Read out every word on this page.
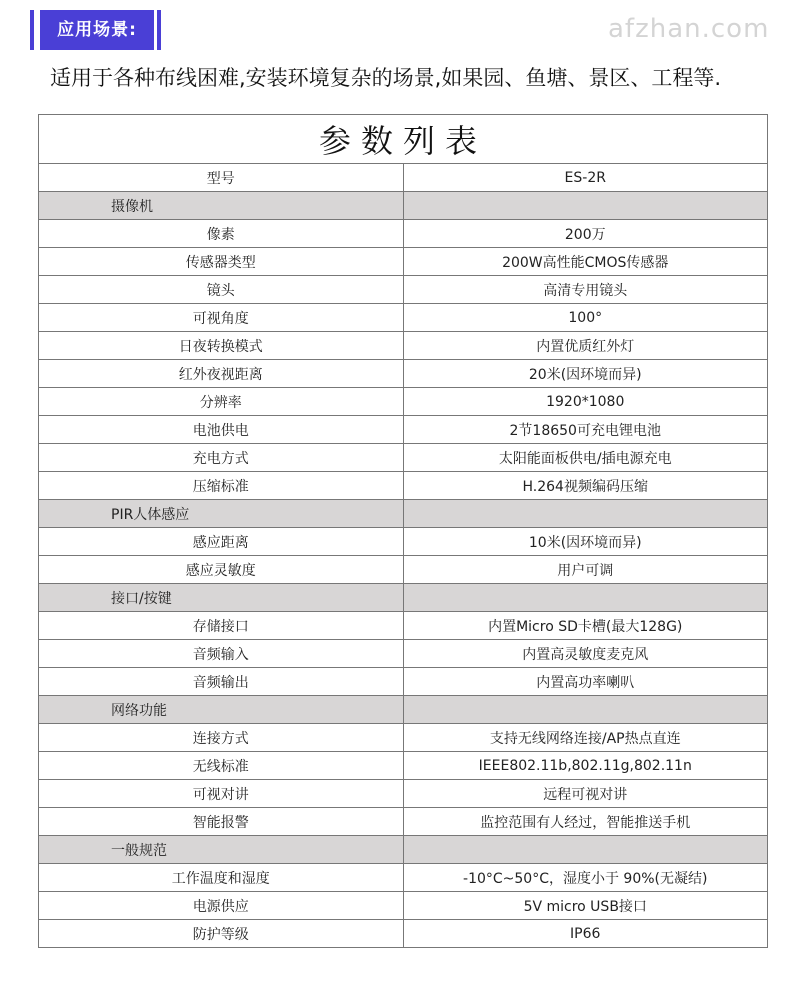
应用场景:	afzhan.com
适用于各种布线困难,安装环境复杂的场景,如果园、鱼塘、景区、工程等.
参数列表	
型号	ES-2R
摄像机	
像素	200万
传感器类型	200W高性能CMOS传感器
镜头	高清专用镜头
可视角度	100°
日夜转换模式	内置优质红外灯
红外夜视距离	20米(因环境而异)
分辨率	1920*1080
电池供电	2节18650可充电锂电池
充电方式	太阳能面板供电/插电源充电
压缩标准	H.264视频编码压缩
PIR人体感应	
感应距离	10米(因环境而异)
感应灵敏度	用户可调
接口/按键	
存储接口	内置Micro SD卡槽(最大128G)
音频输入	内置高灵敏度麦克风
音频输出	内置高功率喇叭
网络功能	
连接方式	支持无线网络连接/AP热点直连
无线标准	IEEE802.11b,802.11g,802.11n
可视对讲	远程可视对讲
智能报警	监控范围有人经过，智能推送手机
一般规范	
工作温度和湿度	-10°C~50°C，湿度小于 90%(无凝结)
电源供应	5V micro USB接口
防护等级	IP66
